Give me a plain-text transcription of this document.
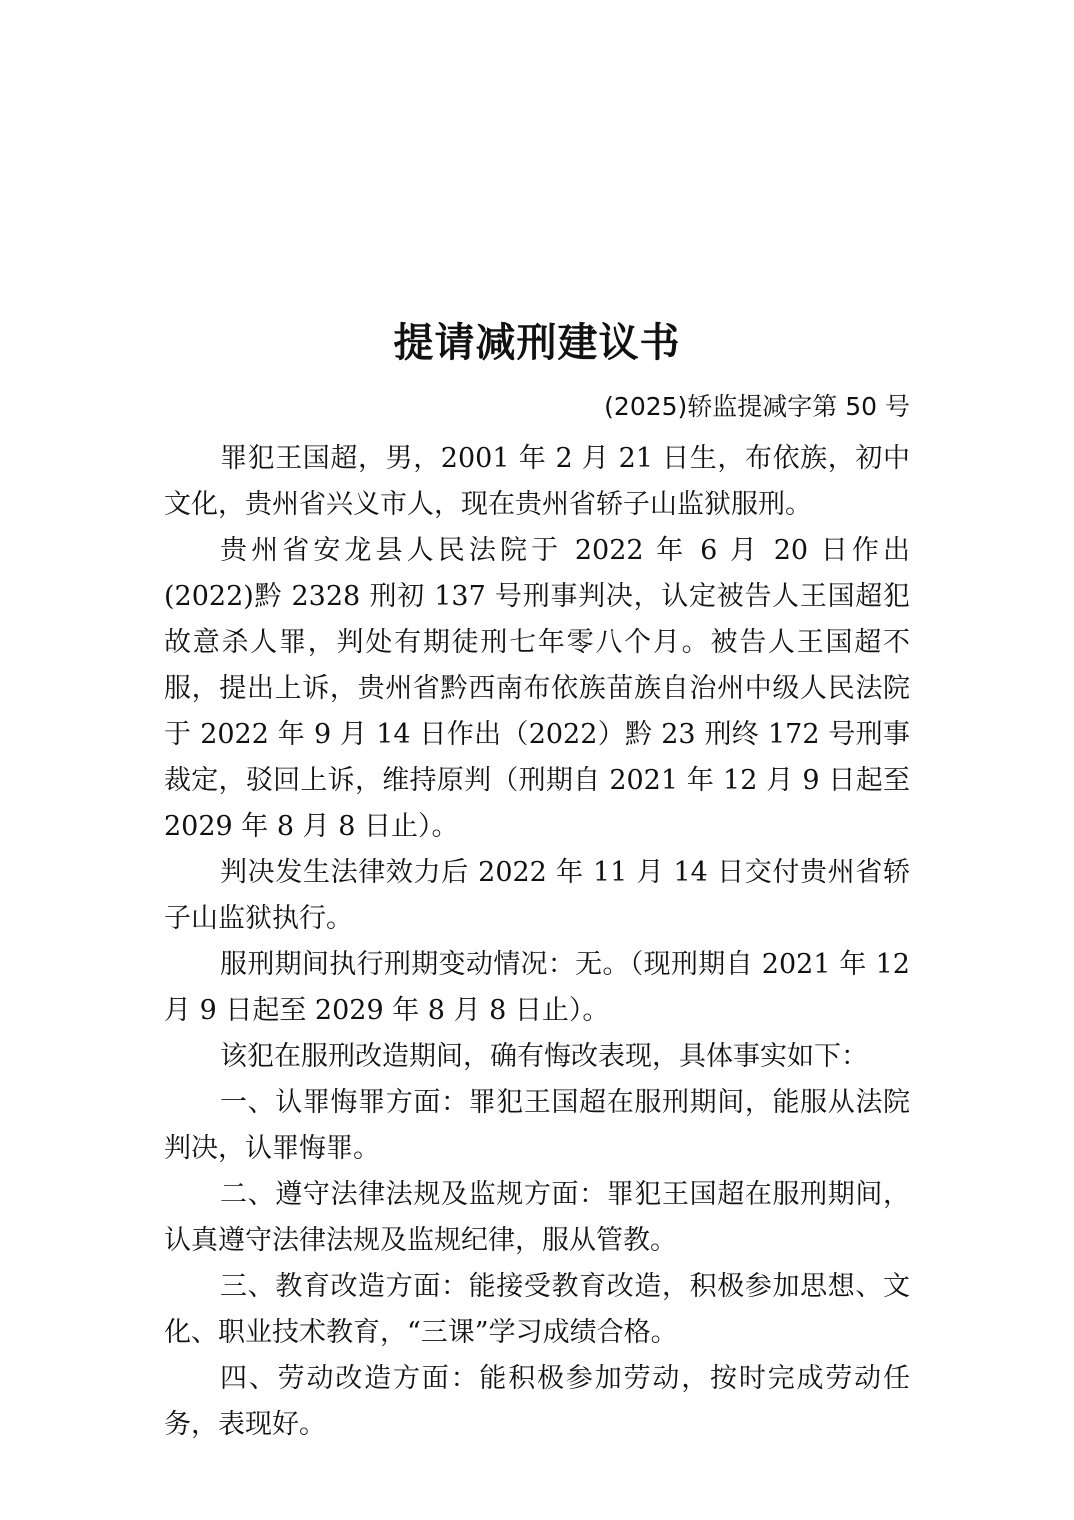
提请减刑建议书
(2025)轿监提减字第 50 号

罪犯王国超，男，2001 年 2 月 21 日生，布依族，初中文化，贵州省兴义市人，现在贵州省轿子山监狱服刑。

贵州省安龙县人民法院于 2022 年 6 月 20 日作出(2022)黔 2328 刑初 137 号刑事判决，认定被告人王国超犯故意杀人罪，判处有期徒刑七年零八个月。被告人王国超不服，提出上诉，贵州省黔西南布依族苗族自治州中级人民法院于 2022 年 9 月 14 日作出（2022）黔 23 刑终 172 号刑事裁定，驳回上诉，维持原判（刑期自 2021 年 12 月 9 日起至 2029 年 8 月 8 日止）。

判决发生法律效力后 2022 年 11 月 14 日交付贵州省轿子山监狱执行。

服刑期间执行刑期变动情况：无。（现刑期自 2021 年 12 月 9 日起至 2029 年 8 月 8 日止）。

该犯在服刑改造期间，确有悔改表现，具体事实如下：

一、认罪悔罪方面：罪犯王国超在服刑期间，能服从法院判决，认罪悔罪。

二、遵守法律法规及监规方面：罪犯王国超在服刑期间，认真遵守法律法规及监规纪律，服从管教。

三、教育改造方面：能接受教育改造，积极参加思想、文化、职业技术教育，“三课”学习成绩合格。

四、劳动改造方面：能积极参加劳动，按时完成劳动任务，表现好。
